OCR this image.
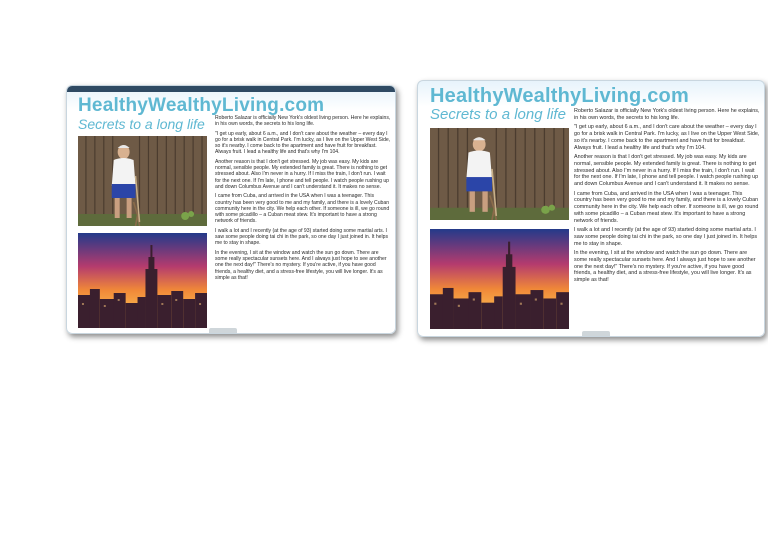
HealthyWealthyLiving.com
Secrets to a long life Roberto Salazar is officially New York's oldest living person. Here he explains, in his own words, the secrets to his long life.

"I get up early, about 6 a.m., and I don't care about the weather – every day I go for a brisk walk in Central Park. I'm lucky, as I live on the Upper West Side, so it's nearby. I come back to the apartment and have fruit for breakfast. Always fruit. I lead a healthy life and that's why I'm 104.

Another reason is that I don't get stressed. My job was easy. My kids are normal, sensible people. My extended family is great. There is nothing to get stressed about. Also I'm never in a hurry. If I miss the train, I don't run. I wait for the next one. If I'm late, I phone and tell people. I watch people rushing up and down Columbus Avenue and I can't understand it. It makes no sense.

I came from Cuba, and arrived in the USA when I was a teenager. This country has been very good to me and my family, and there is a lovely Cuban community here in the city. We help each other. If someone is ill, we go round with some picadillo – a Cuban meat stew. It's important to have a strong network of friends.

I walk a lot and I recently (at the age of 93) started doing some martial arts. I saw some people doing tai chi in the park, so one day I just joined in. It helps me to stay in shape.

In the evening, I sit at the window and watch the sun go down. There are some really spectacular sunsets here. And I always just hope to see another one the next day!" There's no mystery. If you're active, if you have good friends, a healthy diet, and a stress-free lifestyle, you will live longer. It's as simple as that!

HealthyWealthyLiving.com
Secrets to a long life Roberto Salazar is officially New York's oldest living person. Here he explains, in his own words, the secrets to his long life.

"I get up early, about 6 a.m., and I don't care about the weather – every day I go for a brisk walk in Central Park. I'm lucky, as I live on the Upper West Side, so it's nearby. I come back to the apartment and have fruit for breakfast. Always fruit. I lead a healthy life and that's why I'm 104.

Another reason is that I don't get stressed. My job was easy. My kids are normal, sensible people. My extended family is great. There is nothing to get stressed about. Also I'm never in a hurry. If I miss the train, I don't run. I wait for the next one. If I'm late, I phone and tell people. I watch people rushing up and down Columbus Avenue and I can't understand it. It makes no sense.

I came from Cuba, and arrived in the USA when I was a teenager. This country has been very good to me and my family, and there is a lovely Cuban community here in the city. We help each other. If someone is ill, we go round with some picadillo – a Cuban meat stew. It's important to have a strong network of friends.

I walk a lot and I recently (at the age of 93) started doing some martial arts. I saw some people doing tai chi in the park, so one day I just joined in. It helps me to stay in shape.

In the evening, I sit at the window and watch the sun go down. There are some really spectacular sunsets here. And I always just hope to see another one the next day!" There's no mystery. If you're active, if you have good friends, a healthy diet, and a stress-free lifestyle, you will live longer. It's as simple as that!
